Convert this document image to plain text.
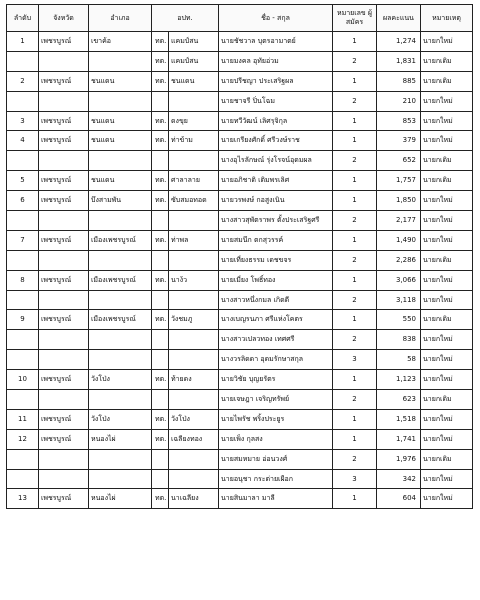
ลำดับ	จังหวัด	อำเภอ	อปท.		ชื่อ - สกุล	หมายเลข ผู้สมัคร	ผลคะแนน	หมายเหตุ
1	เพชรบูรณ์	เขาค้อ	ทต.	แคมป์สน	นายชัชวาล บุตรอามาตย์	1	1,274	นายกใหม่
			ทต.	แคมป์สน	นายมงคล อุทัยอ่วม	2	1,831	นายกเดิม
2	เพชรบูรณ์	ชนแดน	ทต.	ชนแดน	นายปรีชญา ประเสริฐผล	1	885	นายกเดิม
					นายชาจรี ปิ่นโฉม	2	210	นายกใหม่
3	เพชรบูรณ์	ชนแดน	ทต.	ดงขุย	นายทวีวัฒน์ เลิศรุจิกุล	1	853	นายกใหม่
4	เพชรบูรณ์	ชนแดน	ทต.	ท่าข้าม	นายเกรียงศักดิ์ ศรีวงษ์ราช	1	379	นายกใหม่
					นางอุไรลักษณ์ รุ่งโรจน์อุดมผล	2	652	นายกเดิม
5	เพชรบูรณ์	ชนแดน	ทต.	ศาลาลาย	นายอภิชาติ เติมพรเลิศ	1	1,757	นายกเดิม
6	เพชรบูรณ์	บึงสามพัน	ทต.	ซับสมอทอด	นายวรพงษ์ กอสูงเนิน	1	1,850	นายกใหม่
					นางสาวสุพัตราพร ตั้งประเสริฐศรี	2	2,177	นายกใหม่
7	เพชรบูรณ์	เมืองเพชรบูรณ์	ทต.	ท่าพล	นายสมนึก ตกสุวรรค์	1	1,490	นายกใหม่
					นายเที่ยงธรรม เดชขจร	2	2,286	นายกเดิม
8	เพชรบูรณ์	เมืองเพชรบูรณ์	ทต.	นาง้ว	นายเมี่ยง โพธิ์ทอง	1	3,066	นายกใหม่
					นางสาวหนึ่งกมล เกิดดี	2	3,118	นายกใหม่
9	เพชรบูรณ์	เมืองเพชรบูรณ์	ทต.	วังชมภู	นางเบญรนภา ศรีแห่งโคตร	1	550	นายกเดิม
					นางสาวเปลวทอง เทศศรี	2	838	นายกใหม่
					นางวรลิดดา อุดมรักษาสกุล	3	58	นายกใหม่
10	เพชรบูรณ์	วังโป่ง	ทต.	ท้ายดง	นายวิชัย บุญยรัตร	1	1,123	นายกใหม่
					นายเจษฎา เจริญทรัพย์	2	623	นายกเดิม
11	เพชรบูรณ์	วังโป่ง	ทต.	วังโป่ง	นายไพรัช พริ้งประยูร	1	1,518	นายกใหม่
12	เพชรบูรณ์	หนองไผ่	ทต.	เฉลียงทอง	นายเพ็ง กุลสง	1	1,741	นายกใหม่
					นายสมหมาย อ่อนวงศ์	2	1,976	นายกเดิม
					นายอนุชา กระต่ายเผือก	3	342	นายกใหม่
13	เพชรบูรณ์	หนองไผ่	ทต.	นาเฉลียง	นายสินมาลา มาลี	1	604	นายกใหม่
